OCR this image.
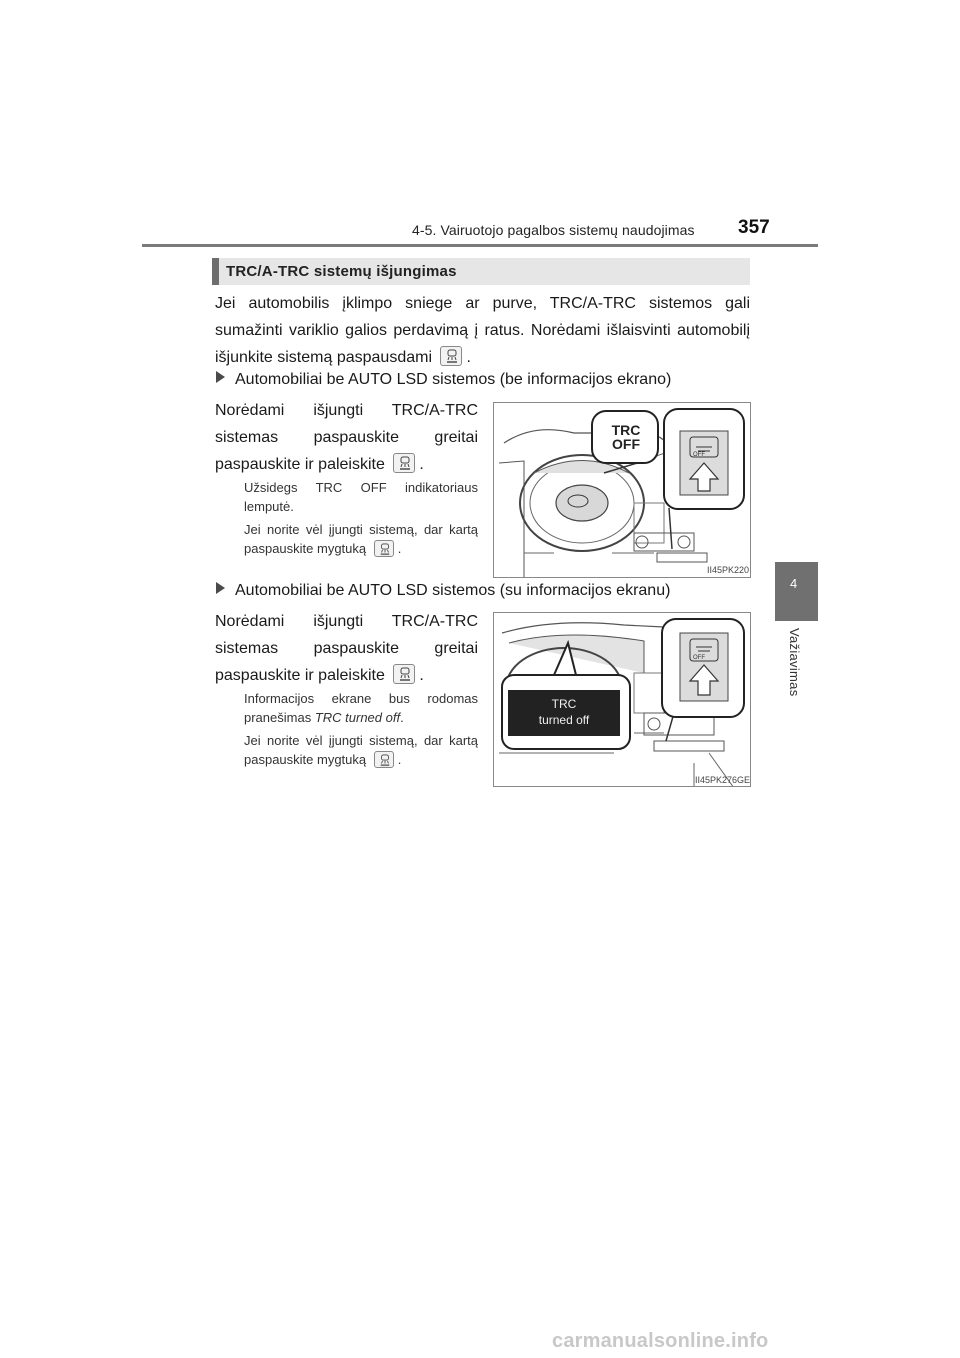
4-5. Vairuotojo pagalbos sistemų naudojimas 357
4
Važiavimas
TRC/A-TRC sistemų išjungimas
Jei automobilis įklimpo sniege ar purve, TRC/A-TRC sistemos gali sumažinti variklio galios perdavimą į ratus. Norėdami išlaisvinti automobilį išjunkite sistemą paspausdami .
Automobiliai be AUTO LSD sistemos (be informacijos ekrano)
Norėdami išjungti TRC/A-TRC
sistemas paspauskite greitai
paspauskite ir paleiskite .

Užsidegs TRC OFF indikatoriaus lemputė.

Jei norite vėl įjungti sistemą, dar kartą paspauskite mygtuką .

TRC
OFF
OFF
II45PK220
Automobiliai be AUTO LSD sistemos (su informacijos ekranu)
Norėdami išjungti TRC/A-TRC
sistemas paspauskite greitai
paspauskite ir paleiskite .

Informacijos ekrane bus rodomas pranešimas TRC turned off.

Jei norite vėl įjungti sistemą, dar kartą paspauskite mygtuką .

TRC
turned off
OFF
II45PK276GE
carmanualsonline.info
